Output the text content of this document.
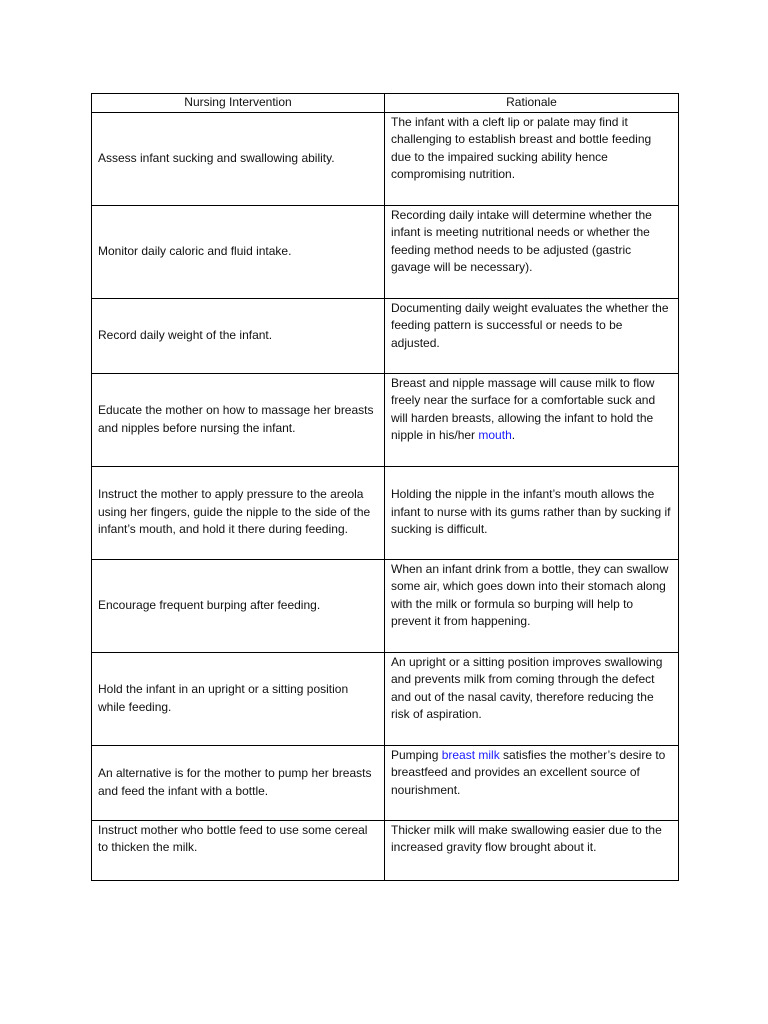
Nursing Intervention	Rationale
Assess infant sucking and swallowing ability.	The infant with a cleft lip or palate may find it challenging to establish breast and bottle feeding due to the impaired sucking ability hence compromising nutrition.
Monitor daily caloric and fluid intake.	Recording daily intake will determine whether the infant is meeting nutritional needs or whether the feeding method needs to be adjusted (gastric gavage will be necessary).
Record daily weight of the infant.	Documenting daily weight evaluates the whether the feeding pattern is successful or needs to be adjusted.
Educate the mother on how to massage her breasts and nipples before nursing the infant.	Breast and nipple massage will cause milk to flow freely near the surface for a comfortable suck and will harden breasts, allowing the infant to hold the nipple in his/her mouth.
Instruct the mother to apply pressure to the areola using her fingers, guide the nipple to the side of the infant’s mouth, and hold it there during feeding.	Holding the nipple in the infant’s mouth allows the infant to nurse with its gums rather than by sucking if sucking is difficult.
Encourage frequent burping after feeding.	When an infant drink from a bottle, they can swallow some air, which goes down into their stomach along with the milk or formula so burping will help to prevent it from happening.
Hold the infant in an upright or a sitting position while feeding.	An upright or a sitting position improves swallowing and prevents milk from coming through the defect and out of the nasal cavity, therefore reducing the risk of aspiration.
An alternative is for the mother to pump her breasts and feed the infant with a bottle.	Pumping breast milk satisfies the mother’s desire to breastfeed and provides an excellent source of nourishment.
Instruct mother who bottle feed to use some cereal to thicken the milk.	Thicker milk will make swallowing easier due to the increased gravity flow brought about it.
